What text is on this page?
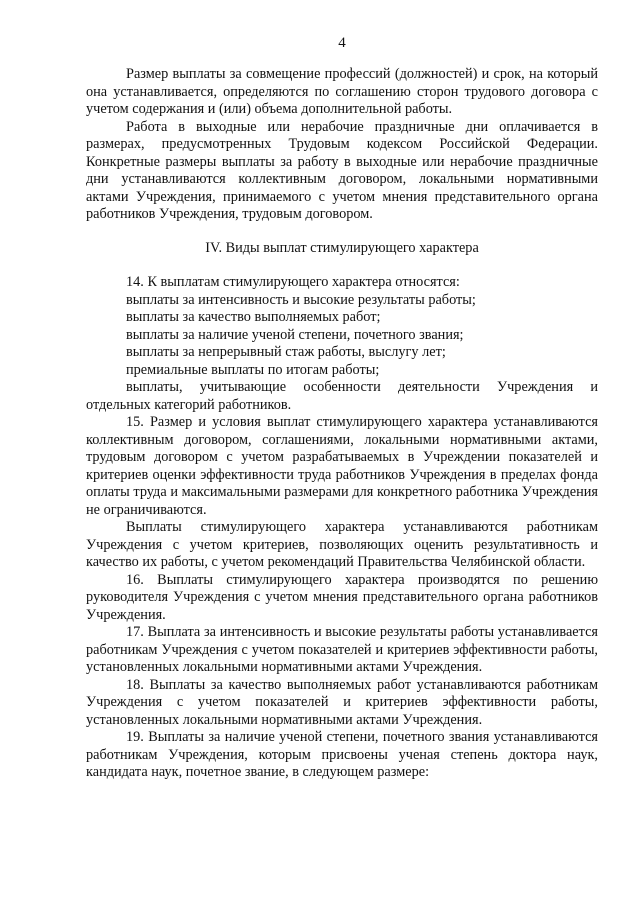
4

Размер выплаты за совмещение профессий (должностей) и срок, на который она устанавливается, определяются по соглашению сторон трудового договора с учетом содержания и (или) объема дополнительной работы.

Работа в выходные или нерабочие праздничные дни оплачивается в размерах, предусмотренных Трудовым кодексом Российской Федерации. Конкретные размеры выплаты за работу в выходные или нерабочие праздничные дни устанавливаются коллективным договором, локальными нормативными актами Учреждения, принимаемого с учетом мнения представительного органа работников Учреждения, трудовым договором.

IV. Виды выплат стимулирующего характера

14. К выплатам стимулирующего характера относятся:

выплаты за интенсивность и высокие результаты работы;

выплаты за качество выполняемых работ;

выплаты за наличие ученой степени, почетного звания;

выплаты за непрерывный стаж работы, выслугу лет;

премиальные выплаты по итогам работы;

выплаты, учитывающие особенности деятельности Учреждения и отдельных категорий работников.

15. Размер и условия выплат стимулирующего характера устанавливаются коллективным договором, соглашениями, локальными нормативными актами, трудовым договором с учетом разрабатываемых в Учреждении показателей и критериев оценки эффективности труда работников Учреждения в пределах фонда оплаты труда и максимальными размерами для конкретного работника Учреждения не ограничиваются.

Выплаты стимулирующего характера устанавливаются работникам Учреждения с учетом критериев, позволяющих оценить результативность и качество их работы, с учетом рекомендаций Правительства Челябинской области.

16. Выплаты стимулирующего характера производятся по решению руководителя Учреждения с учетом мнения представительного органа работников Учреждения.

17. Выплата за интенсивность и высокие результаты работы устанавливается работникам Учреждения с учетом показателей и критериев эффективности работы, установленных локальными нормативными актами Учреждения.

18. Выплаты за качество выполняемых работ устанавливаются работникам Учреждения с учетом показателей и критериев эффективности работы, установленных локальными нормативными актами Учреждения.

19. Выплаты за наличие ученой степени, почетного звания устанавливаются работникам Учреждения, которым присвоены ученая степень доктора наук, кандидата наук, почетное звание, в следующем размере:
